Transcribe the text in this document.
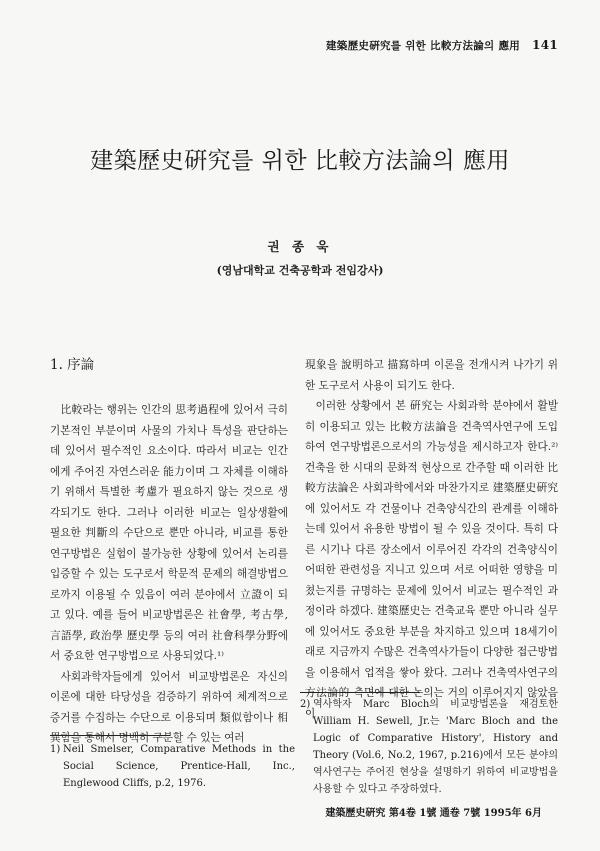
建築歷史硏究를 위한 比較方法論의 應用 141
建築歷史硏究를 위한 比較方法論의 應用
권 종 욱
(영남대학교 건축공학과 전임강사)
1. 序論

比較라는 행위는 인간의 思考過程에 있어서 극히 기본적인 부분이며 사물의 가치나 특성을 판단하는데 있어서 필수적인 요소이다. 따라서 비교는 인간에게 주어진 자연스러운 能力이며 그 자체를 이해하기 위해서 특별한 考慮가 필요하지 않는 것으로 생각되기도 한다. 그러나 이러한 비교는 일상생활에 필요한 判斷의 수단으로 뿐만 아니라, 비교를 통한 연구방법은 실험이 불가능한 상황에 있어서 논리를 입증할 수 있는 도구로서 학문적 문제의 해결방법으로까지 이용될 수 있음이 여러 분야에서 立證이 되고 있다. 예를 들어 비교방법론은 社會學, 考古學, 言語學, 政治學 歷史學 등의 여러 社會科學分野에서 중요한 연구방법으로 사용되었다.¹⁾

사회과학자들에게 있어서 비교방법론은 자신의 이론에 대한 타당성을 검증하기 위하여 체계적으로 증거를 수집하는 수단으로 이용되며 類似함이나 相異함을 통해서 명백히 구분할 수 있는 여러

現象을 說明하고 描寫하며 이론을 전개시켜 나가기 위한 도구로서 사용이 되기도 한다.

이러한 상황에서 본 硏究는 사회과학 분야에서 활발히 이용되고 있는 比較方法論을 건축역사연구에 도입하여 연구방법론으로서의 가능성을 제시하고자 한다.²⁾ 건축을 한 시대의 문화적 현상으로 간주할 때 이러한 比較方法論은 사회과학에서와 마찬가지로 建築歷史硏究에 있어서도 각 건물이나 건축양식간의 관계를 이해하는데 있어서 유용한 방법이 될 수 있을 것이다. 특히 다른 시기나 다른 장소에서 이루어진 각각의 건축양식이 어떠한 관련성을 지니고 있으며 서로 어떠한 영향을 미쳤는지를 규명하는 문제에 있어서 비교는 필수적인 과정이라 하겠다. 建築歷史는 건축교육 뿐만 아니라 실무에 있어서도 중요한 부분을 차지하고 있으며 18세기이래로 지금까지 수많은 건축역사가들이 다양한 접근방법을 이용해서 업적을 쌓아 왔다. 그러나 건축역사연구의 方法論的 측면에 대한 논의는 거의 이루어지지 않았음이

1) Neil Smelser, Comparative Methods in the Social Science, Prentice-Hall, Inc., Englewood Cliffs, p.2, 1976.
2) 역사학자 Marc Bloch의 비교방법론을 재검토한 William H. Sewell, Jr.는 'Marc Bloch and the Logic of Comparative History', History and Theory (Vol.6, No.2, 1967, p.216)에서 모든 분야의 역사연구는 주어진 현상을 설명하기 위하여 비교방법을 사용할 수 있다고 주장하였다.
建築歷史硏究 第4卷 1號 通卷 7號 1995年 6月
